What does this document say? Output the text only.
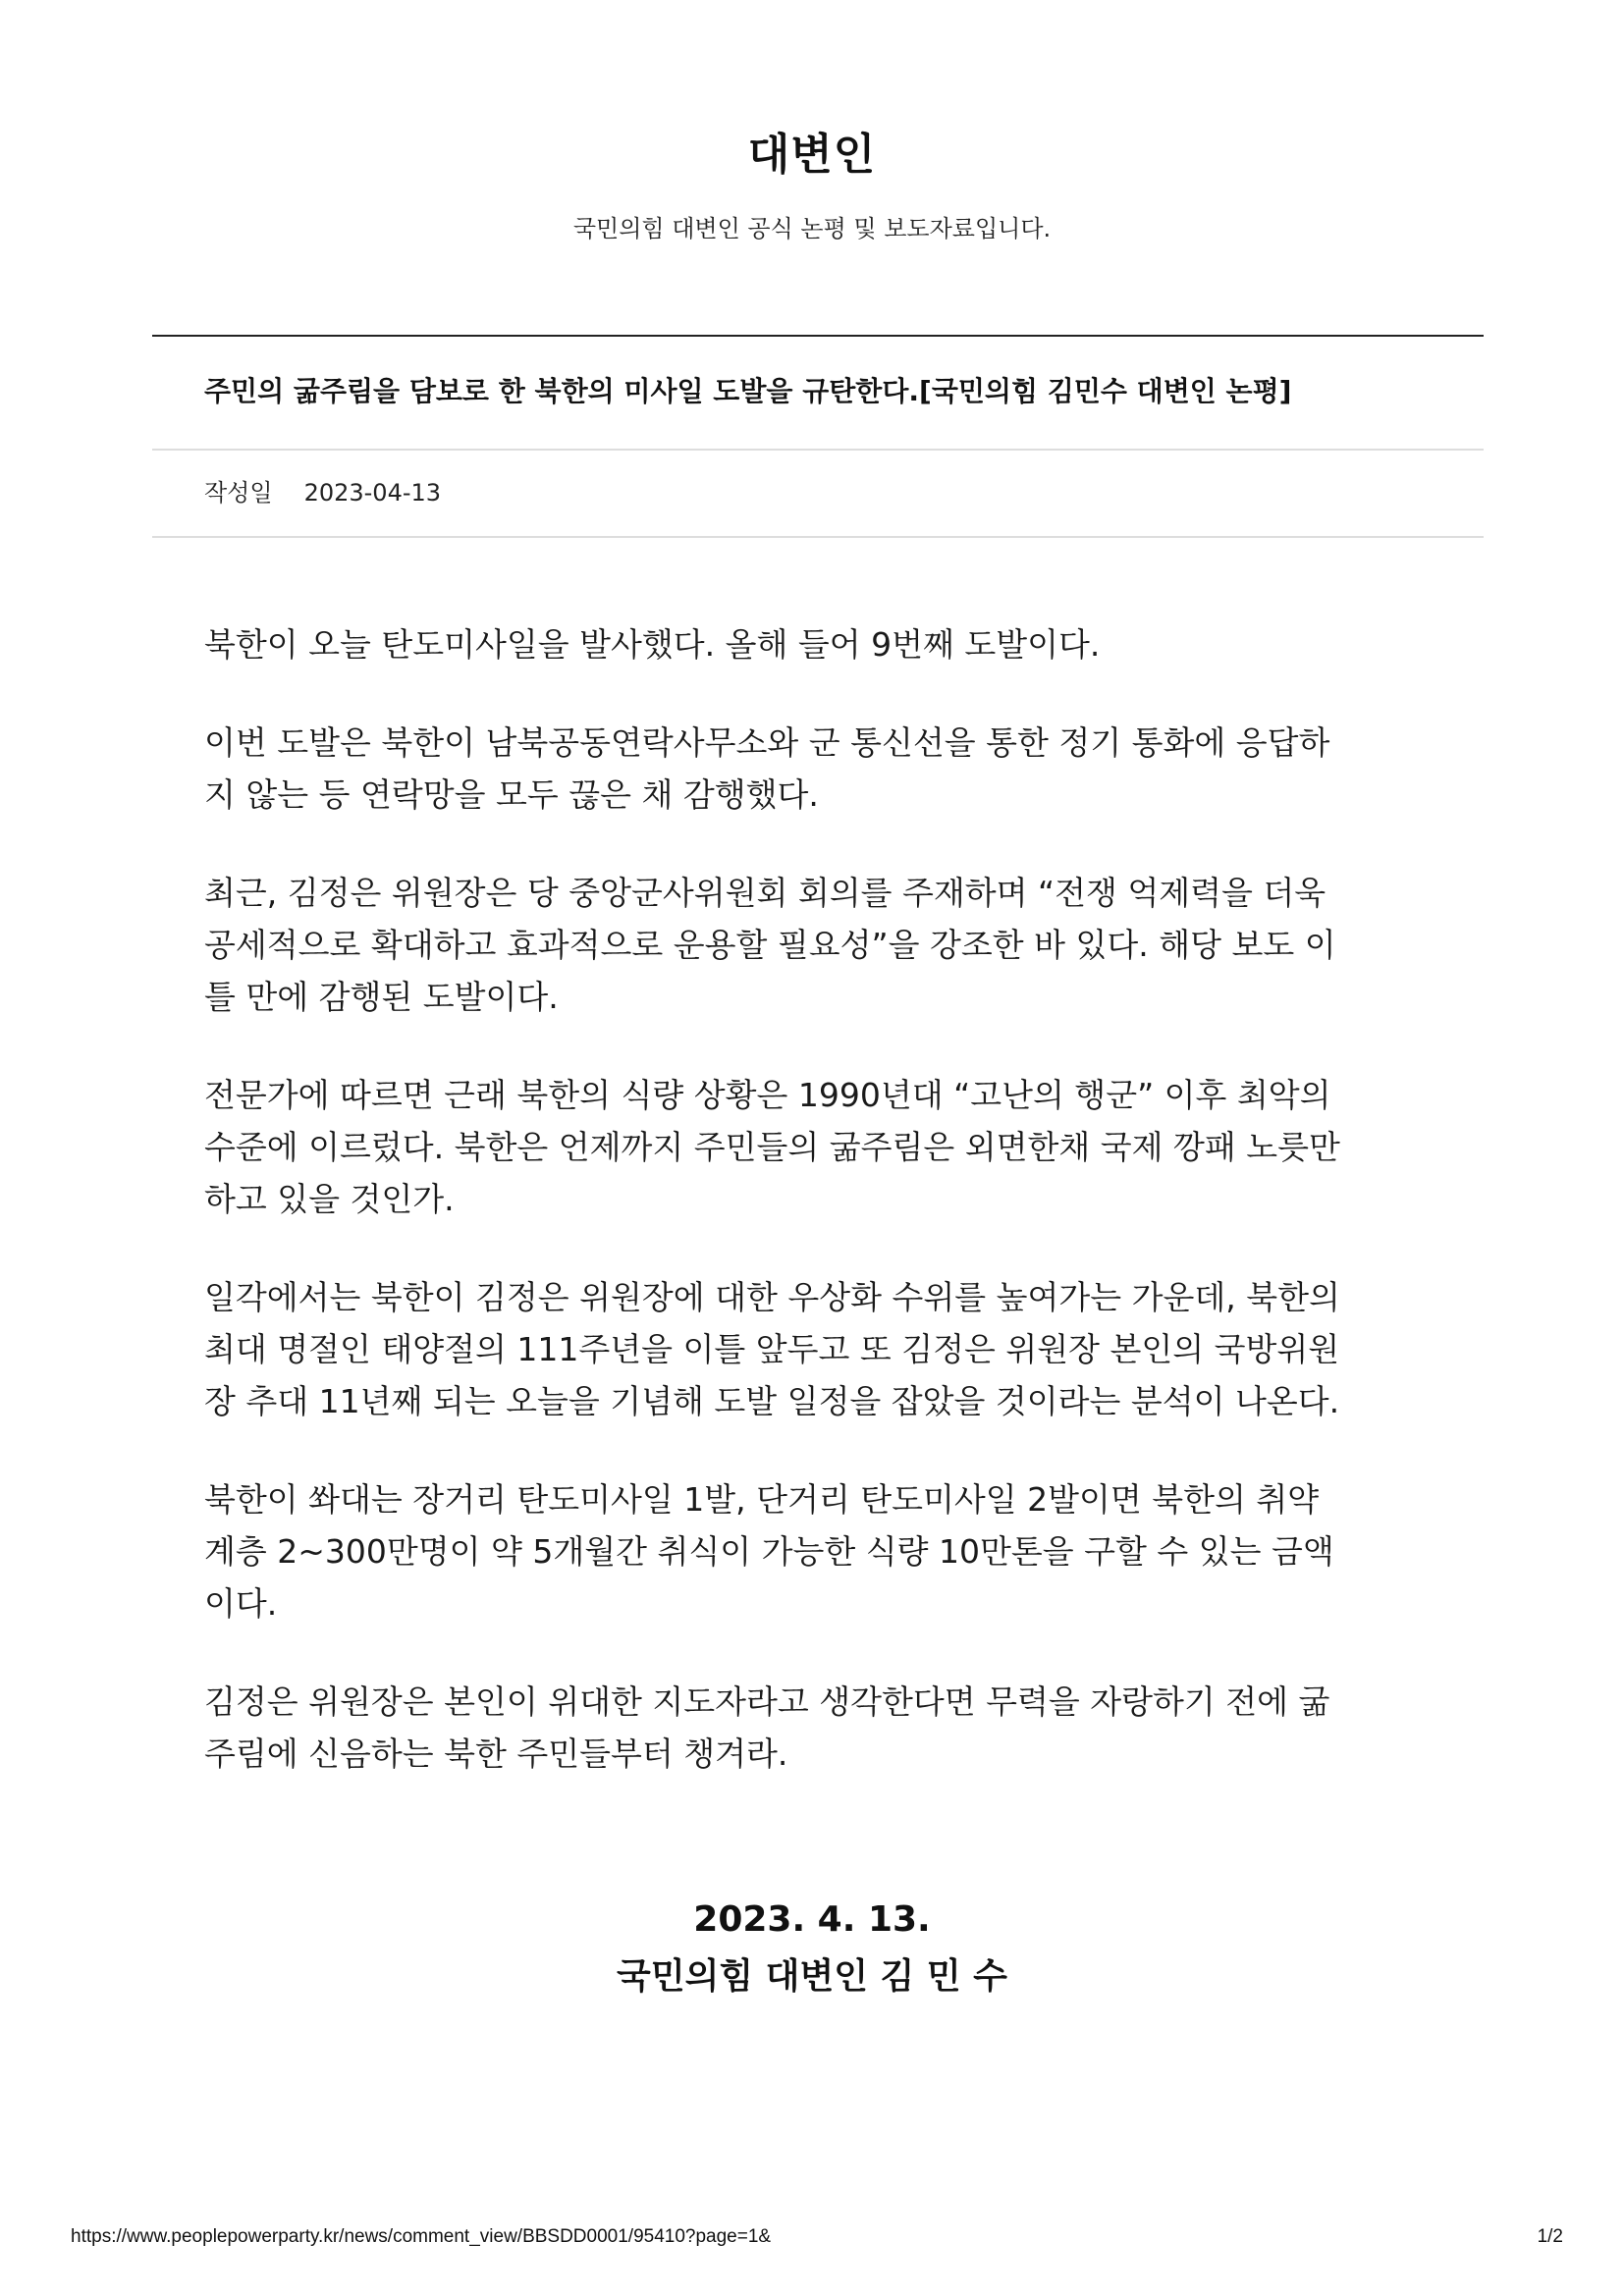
대변인
국민의힘 대변인 공식 논평 및 보도자료입니다.
주민의 굶주림을 담보로 한 북한의 미사일 도발을 규탄한다.[국민의힘 김민수 대변인 논평]
작성일 2023-04-13

북한이 오늘 탄도미사일을 발사했다. 올해 들어 9번째 도발이다.

이번 도발은 북한이 남북공동연락사무소와 군 통신선을 통한 정기 통화에 응답하
지 않는 등 연락망을 모두 끊은 채 감행했다.

최근, 김정은 위원장은 당 중앙군사위원회 회의를 주재하며 “전쟁 억제력을 더욱
공세적으로 확대하고 효과적으로 운용할 필요성”을 강조한 바 있다. 해당 보도 이
틀 만에 감행된 도발이다.

전문가에 따르면 근래 북한의 식량 상황은 1990년대 “고난의 행군” 이후 최악의
수준에 이르렀다. 북한은 언제까지 주민들의 굶주림은 외면한채 국제 깡패 노릇만
하고 있을 것인가.

일각에서는 북한이 김정은 위원장에 대한 우상화 수위를 높여가는 가운데, 북한의
최대 명절인 태양절의 111주년을 이틀 앞두고 또 김정은 위원장 본인의 국방위원
장 추대 11년째 되는 오늘을 기념해 도발 일정을 잡았을 것이라는 분석이 나온다.

북한이 쏴대는 장거리 탄도미사일 1발, 단거리 탄도미사일 2발이면 북한의 취약
계층 2~300만명이 약 5개월간 취식이 가능한 식량 10만톤을 구할 수 있는 금액
이다.

김정은 위원장은 본인이 위대한 지도자라고 생각한다면 무력을 자랑하기 전에 굶
주림에 신음하는 북한 주민들부터 챙겨라.

2023. 4. 13.
국민의힘 대변인 김 민 수
https://www.peoplepowerparty.kr/news/comment_view/BBSDD0001/95410?page=1&	1/2
